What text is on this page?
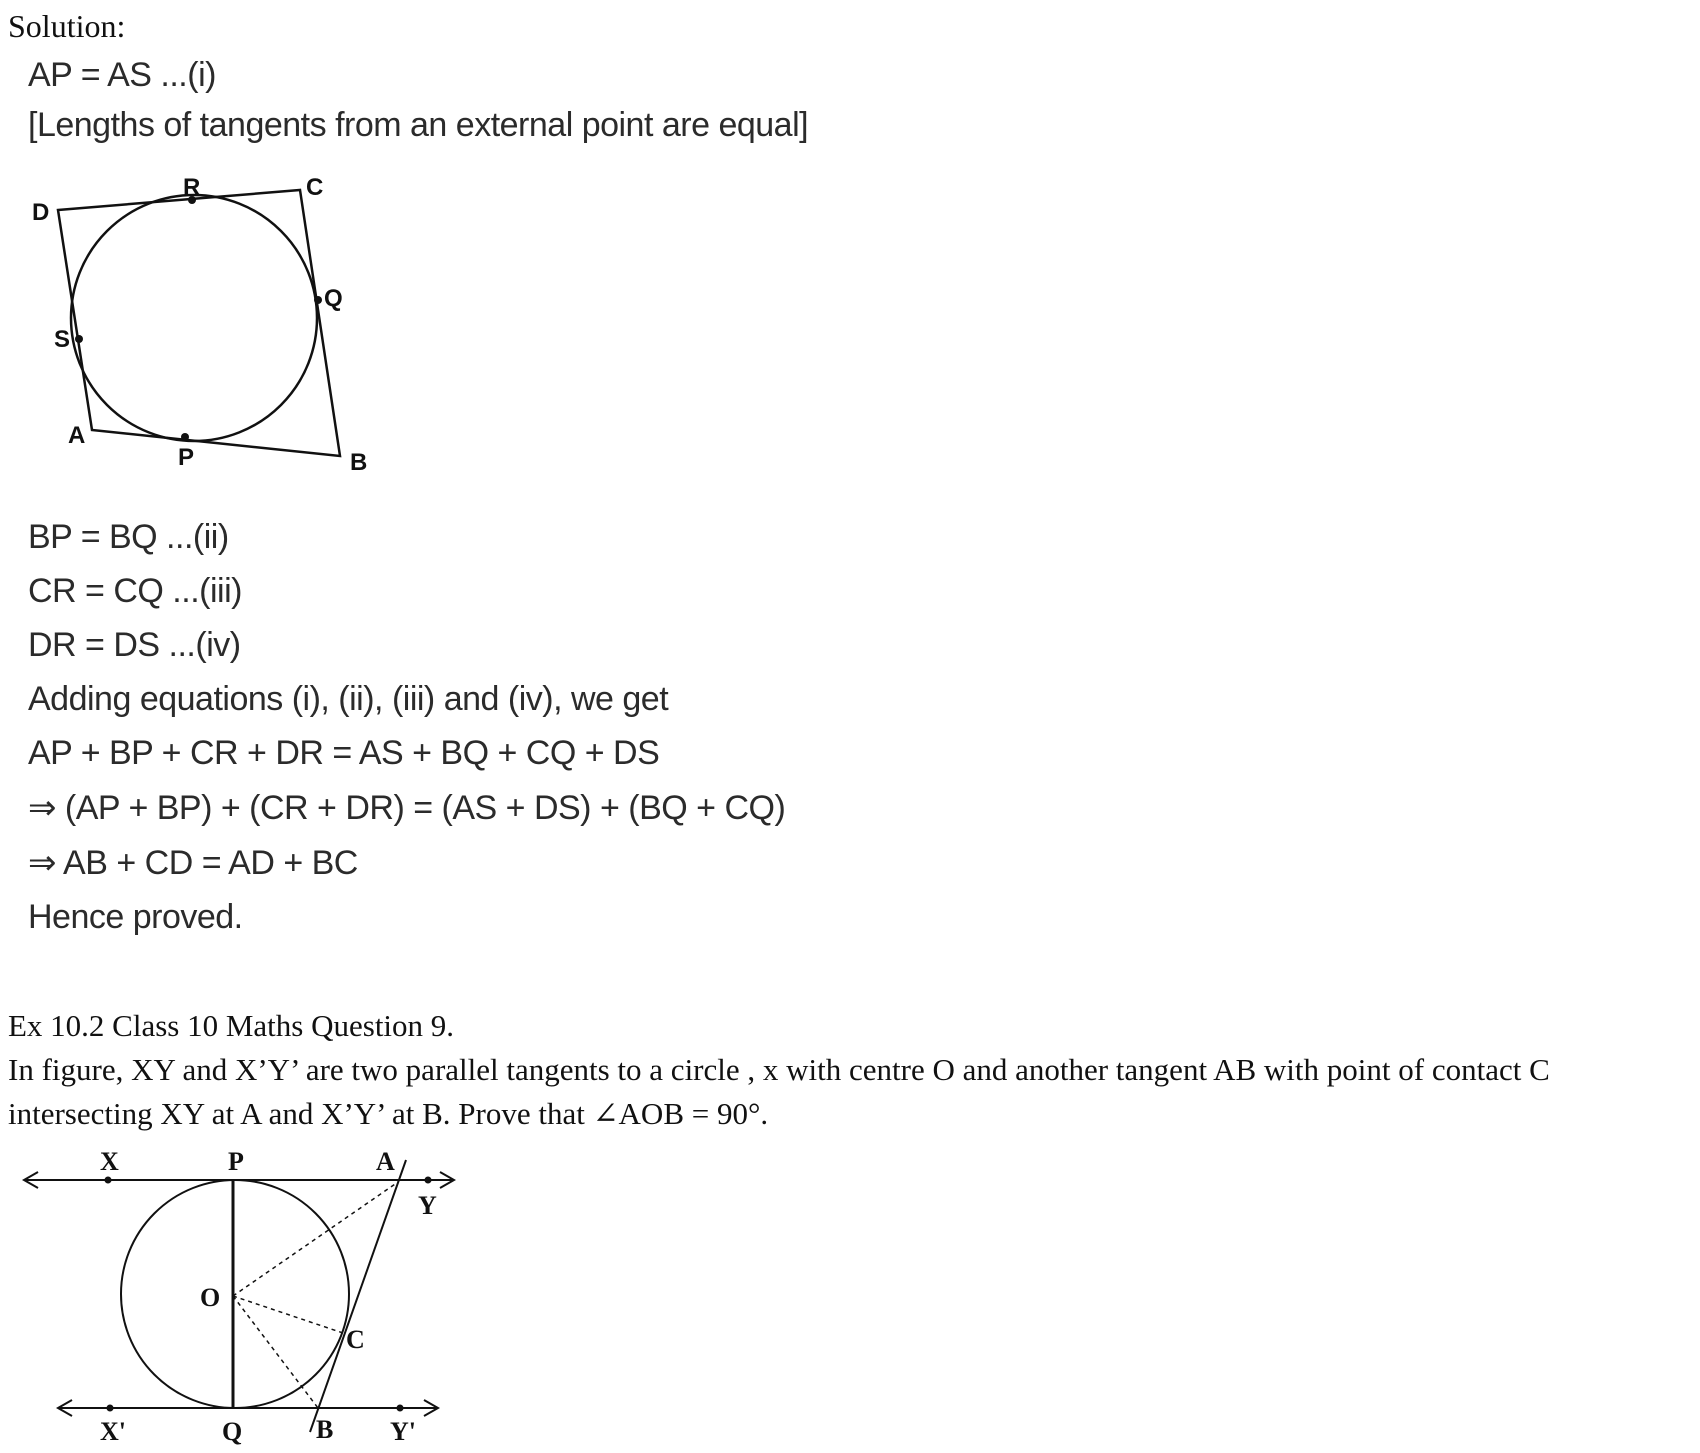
Solution:
AP = AS ...(i)
[Lengths of tangents from an external point are equal]
R	C
D
Q
S
A
P	B
BP = BQ ...(ii)
CR = CQ ...(iii)
DR = DS ...(iv)
Adding equations (i), (ii), (iii) and (iv), we get
AP + BP + CR + DR = AS + BQ + CQ + DS
⇒ (AP + BP) + (CR + DR) = (AS + DS) + (BQ + CQ)
⇒ AB + CD = AD + BC
Hence proved.
Ex 10.2 Class 10 Maths Question 9.
In figure, XY and X’Y’ are two parallel tangents to a circle , x with centre O and another tangent AB with point of contact C
intersecting XY at A and X’Y’ at B. Prove that ∠AOB = 90°.
X	P	A
Y
O
C
X'	Q	B Y'
